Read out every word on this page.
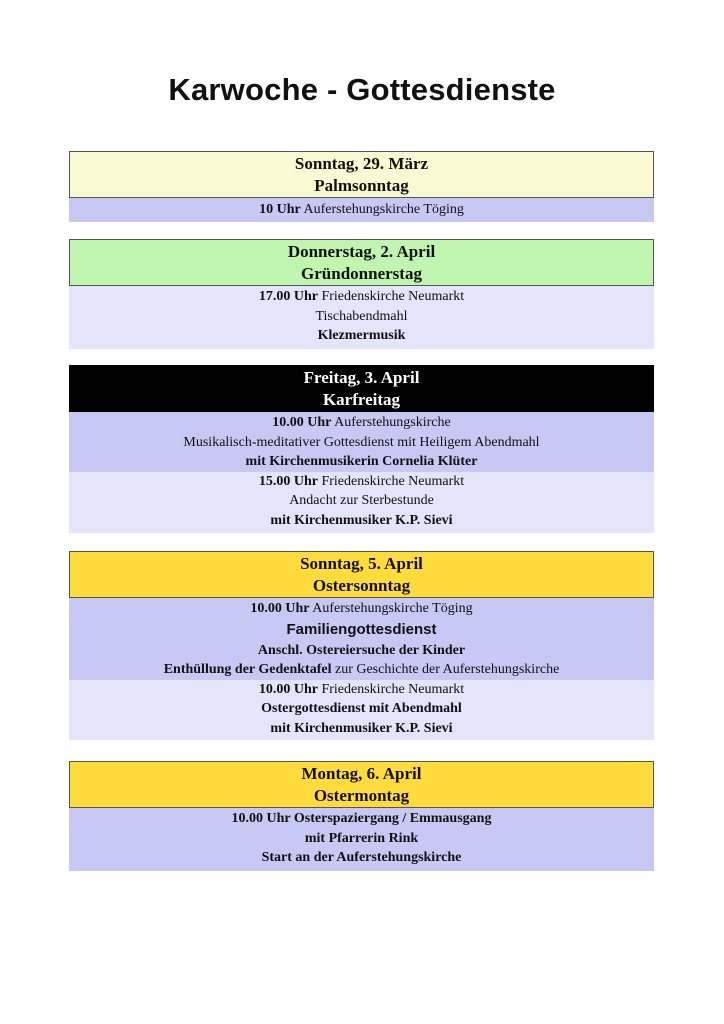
Karwoche - Gottesdienste
Sonntag, 29. März
Palmsonntag
10 Uhr Auferstehungskirche Töging
Donnerstag, 2. April
Gründonnerstag
17.00 Uhr Friedenskirche Neumarkt
Tischabendmahl
Klezmermusik
Freitag, 3. April
Karfreitag
10.00 Uhr Auferstehungskirche
Musikalisch-meditativer Gottesdienst mit Heiligem Abendmahl
mit Kirchenmusikerin Cornelia Klüter
15.00 Uhr Friedenskirche Neumarkt
Andacht zur Sterbestunde
mit Kirchenmusiker K.P. Sievi
Sonntag, 5. April
Ostersonntag
10.00 Uhr Auferstehungskirche Töging
Familiengottesdienst
Anschl. Ostereiersuche der Kinder
Enthüllung der Gedenktafel zur Geschichte der Auferstehungskirche
10.00 Uhr Friedenskirche Neumarkt
Ostergottesdienst mit Abendmahl
mit Kirchenmusiker K.P. Sievi
Montag, 6. April
Ostermontag
10.00 Uhr Osterspaziergang / Emmausgang
mit Pfarrerin Rink
Start an der Auferstehungskirche
